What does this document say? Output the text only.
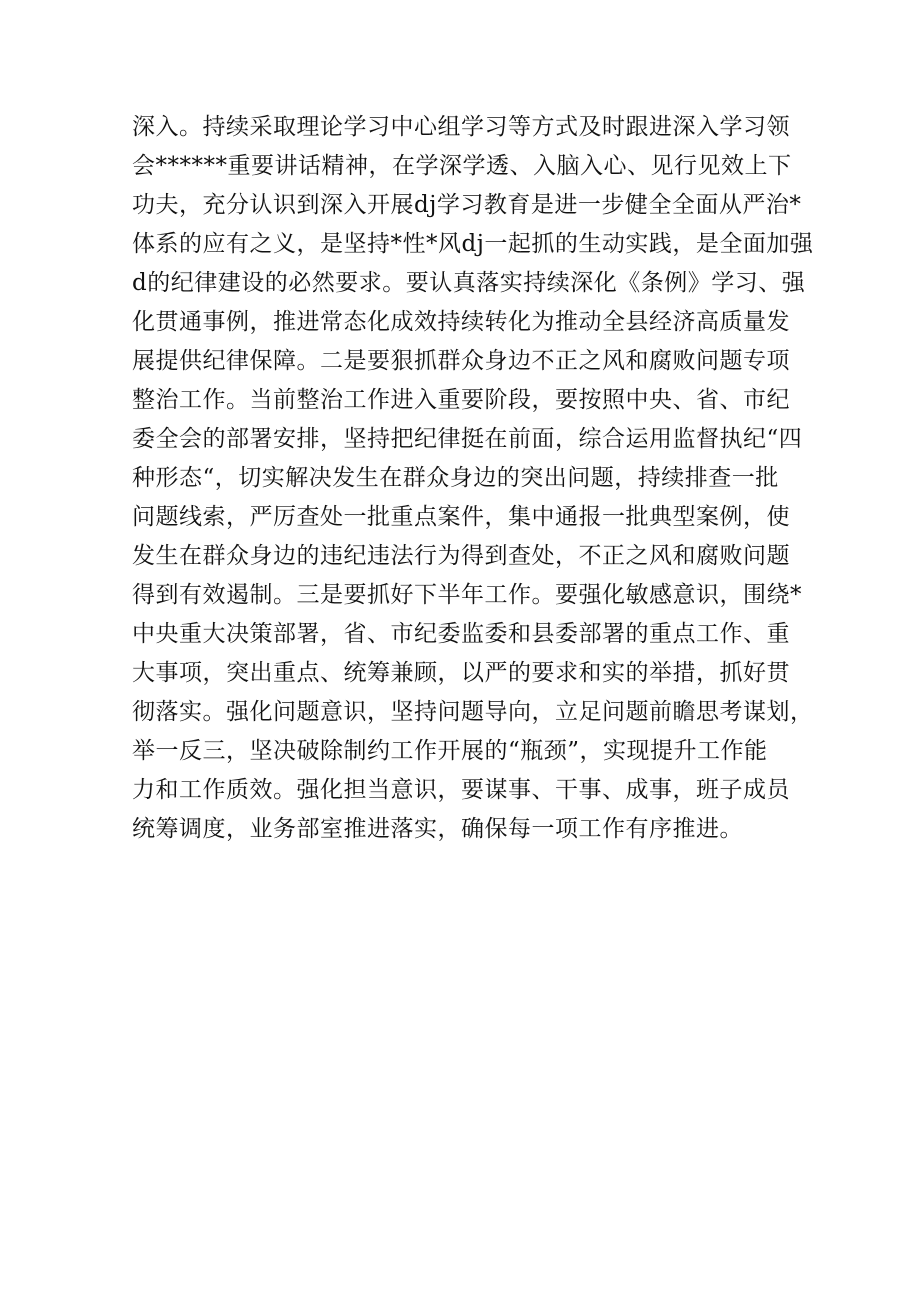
深入。持续采取理论学习中心组学习等方式及时跟进深入学习领
会******重要讲话精神，在学深学透、入脑入心、见行见效上下
功夫，充分认识到深入开展dj学习教育是进一步健全全面从严治*
体系的应有之义，是坚持*性*风dj一起抓的生动实践，是全面加强
d的纪律建设的必然要求。要认真落实持续深化《条例》学习、强
化贯通事例，推进常态化成效持续转化为推动全县经济高质量发
展提供纪律保障。二是要狠抓群众身边不正之风和腐败问题专项
整治工作。当前整治工作进入重要阶段，要按照中央、省、市纪
委全会的部署安排，坚持把纪律挺在前面，综合运用监督执纪“四
种形态“，切实解决发生在群众身边的突出问题，持续排查一批
问题线索，严厉查处一批重点案件，集中通报一批典型案例，使
发生在群众身边的违纪违法行为得到查处，不正之风和腐败问题
得到有效遏制。三是要抓好下半年工作。要强化敏感意识，围绕*
中央重大决策部署，省、市纪委监委和县委部署的重点工作、重
大事项，突出重点、统筹兼顾，以严的要求和实的举措，抓好贯
彻落实。强化问题意识，坚持问题导向，立足问题前瞻思考谋划，
举一反三，坚决破除制约工作开展的“瓶颈”，实现提升工作能
力和工作质效。强化担当意识，要谋事、干事、成事，班子成员
统筹调度，业务部室推进落实，确保每一项工作有序推进。
